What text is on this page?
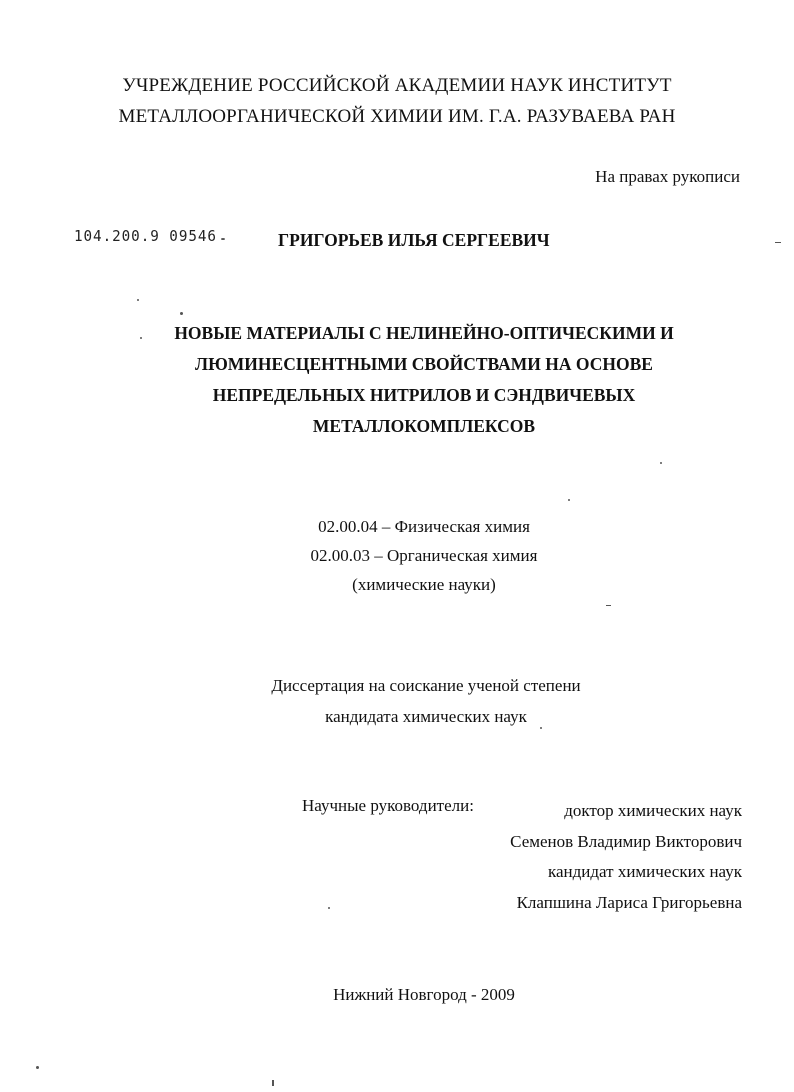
УЧРЕЖДЕНИЕ РОССИЙСКОЙ АКАДЕМИИ НАУК ИНСТИТУТ
МЕТАЛЛООРГАНИЧЕСКОЙ ХИМИИ ИМ. Г.А. РАЗУВАЕВА РАН
На правах рукописи
104.200.9 09546	ГРИГОРЬЕВ ИЛЬЯ СЕРГЕЕВИЧ
НОВЫЕ МАТЕРИАЛЫ С НЕЛИНЕЙНО-ОПТИЧЕСКИМИ И
ЛЮМИНЕСЦЕНТНЫМИ СВОЙСТВАМИ НА ОСНОВЕ
НЕПРЕДЕЛЬНЫХ НИТРИЛОВ И СЭНДВИЧЕВЫХ
МЕТАЛЛОКОМПЛЕКСОВ
02.00.04 – Физическая химия
02.00.03 – Органическая химия
(химические науки)
Диссертация на соискание ученой степени
кандидата химических наук
Научные руководители:	доктор химических наук
Семенов Владимир Викторович
кандидат химических наук
Клапшина Лариса Григорьевна
Нижний Новгород - 2009
